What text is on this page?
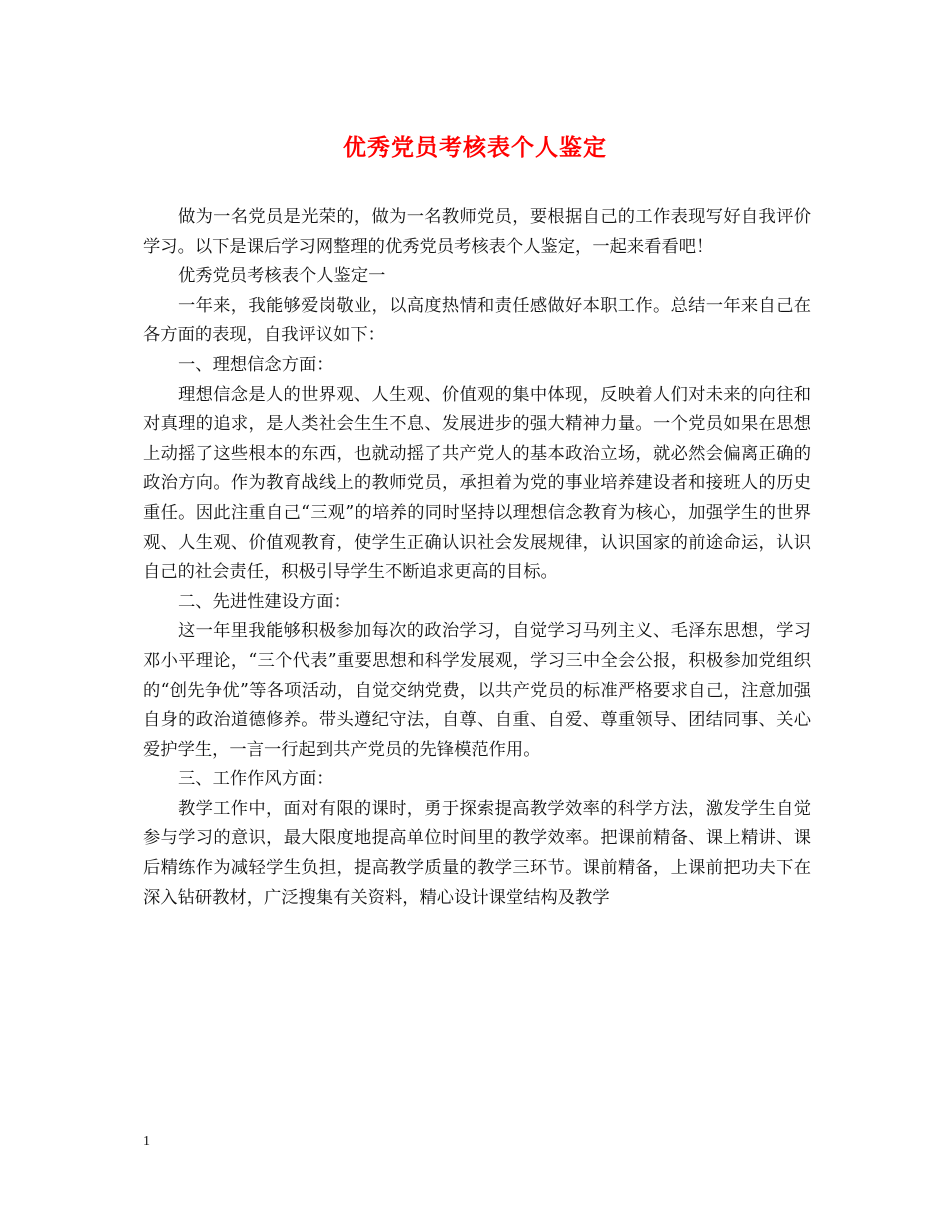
优秀党员考核表个人鉴定

做为一名党员是光荣的，做为一名教师党员，要根据自己的工作表现写好自我评价学习。以下是课后学习网整理的优秀党员考核表个人鉴定，一起来看看吧！

优秀党员考核表个人鉴定一

一年来，我能够爱岗敬业，以高度热情和责任感做好本职工作。总结一年来自己在各方面的表现，自我评议如下：

一、理想信念方面：

理想信念是人的世界观、人生观、价值观的集中体现，反映着人们对未来的向往和对真理的追求，是人类社会生生不息、发展进步的强大精神力量。一个党员如果在思想上动摇了这些根本的东西，也就动摇了共产党人的基本政治立场，就必然会偏离正确的政治方向。作为教育战线上的教师党员，承担着为党的事业培养建设者和接班人的历史重任。因此注重自己“三观”的培养的同时坚持以理想信念教育为核心，加强学生的世界观、人生观、价值观教育，使学生正确认识社会发展规律，认识国家的前途命运，认识自己的社会责任，积极引导学生不断追求更高的目标。

二、先进性建设方面：

这一年里我能够积极参加每次的政治学习，自觉学习马列主义、毛泽东思想，学习邓小平理论，“三个代表”重要思想和科学发展观，学习三中全会公报，积极参加党组织的“创先争优”等各项活动，自觉交纳党费，以共产党员的标准严格要求自己，注意加强自身的政治道德修养。带头遵纪守法，自尊、自重、自爱、尊重领导、团结同事、关心爱护学生，一言一行起到共产党员的先锋模范作用。

三、工作作风方面：

教学工作中，面对有限的课时，勇于探索提高教学效率的科学方法，激发学生自觉参与学习的意识，最大限度地提高单位时间里的教学效率。把课前精备、课上精讲、课后精练作为减轻学生负担，提高教学质量的教学三环节。课前精备，上课前把功夫下在深入钻研教材，广泛搜集有关资料，精心设计课堂结构及教学

1
